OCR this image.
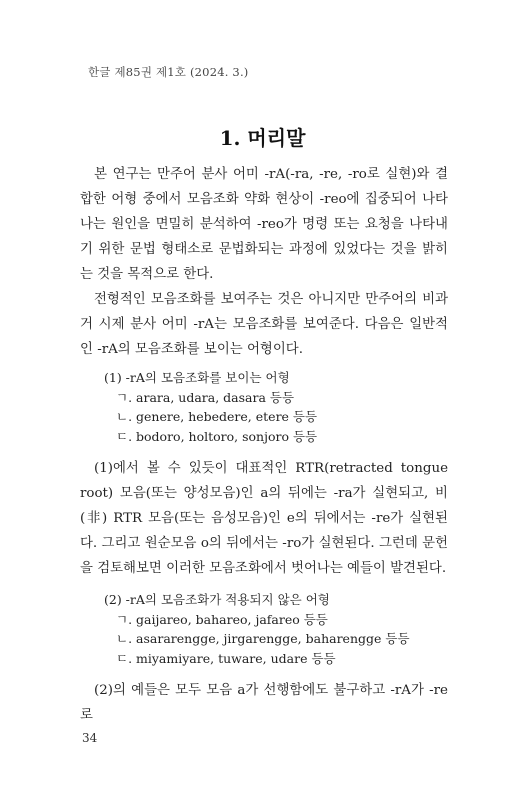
한글 제85권 제1호 (2024. 3.)
1. 머리말

본 연구는 만주어 분사 어미 -rA(-ra, -re, -ro로 실현)와 결합한 어형 중에서 모음조화 약화 현상이 -reo에 집중되어 나타나는 원인을 면밀히 분석하여 -reo가 명령 또는 요청을 나타내기 위한 문법 형태소로 문법화되는 과정에 있었다는 것을 밝히는 것을 목적으로 한다.

전형적인 모음조화를 보여주는 것은 아니지만 만주어의 비과거 시제 분사 어미 -rA는 모음조화를 보여준다. 다음은 일반적인 -rA의 모음조화를 보이는 어형이다.

(1) -rA의 모음조화를 보이는 어형
ㄱ. arara, udara, dasara 등등
ㄴ. genere, hebedere, etere 등등
ㄷ. bodoro, holtoro, sonjoro 등등

(1)에서 볼 수 있듯이 대표적인 RTR(retracted tongue root) 모음(또는 양성모음)인 a의 뒤에는 -ra가 실현되고, 비(非) RTR 모음(또는 음성모음)인 e의 뒤에서는 -re가 실현된다. 그리고 원순모음 o의 뒤에서는 -ro가 실현된다. 그런데 문헌을 검토해보면 이러한 모음조화에서 벗어나는 예들이 발견된다.

(2) -rA의 모음조화가 적용되지 않은 어형
ㄱ. gaijareo, bahareo, jafareo 등등
ㄴ. asararengge, jirgarengge, baharengge 등등
ㄷ. miyamiyare, tuware, udare 등등

(2)의 예들은 모두 모음 a가 선행함에도 불구하고 -rA가 -re로

34
